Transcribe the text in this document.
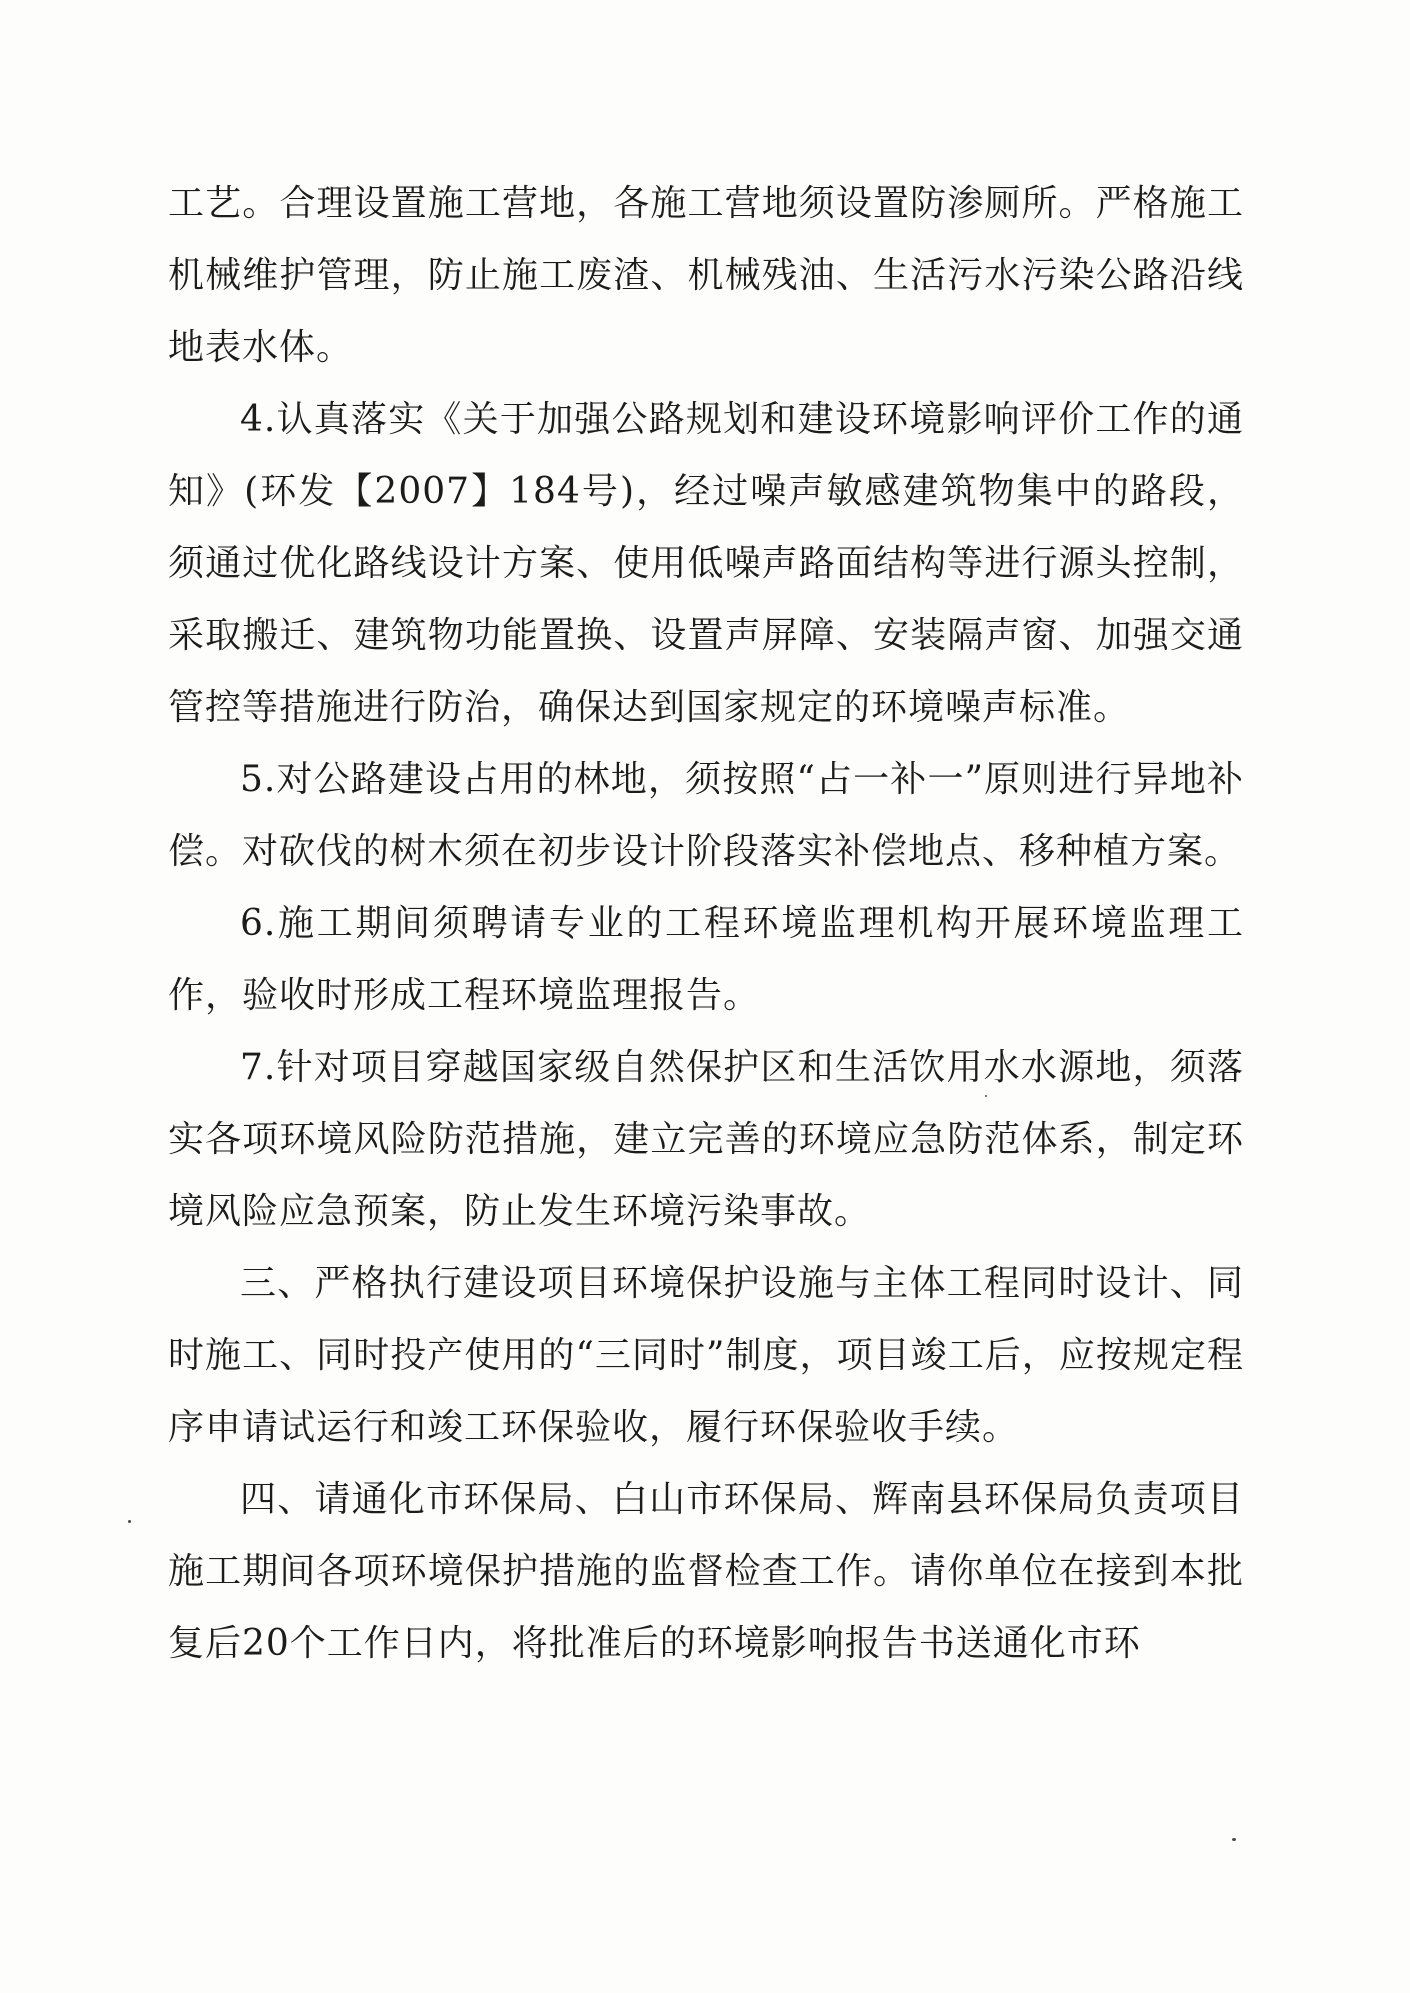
工艺。合理设置施工营地，各施工营地须设置防渗厕所。严格施工机械维护管理，防止施工废渣、机械残油、生活污水污染公路沿线地表水体。

4.认真落实《关于加强公路规划和建设环境影响评价工作的通知》(环发【2007】184号)，经过噪声敏感建筑物集中的路段，须通过优化路线设计方案、使用低噪声路面结构等进行源头控制，采取搬迁、建筑物功能置换、设置声屏障、安装隔声窗、加强交通管控等措施进行防治，确保达到国家规定的环境噪声标准。

5.对公路建设占用的林地，须按照“占一补一”原则进行异地补偿。对砍伐的树木须在初步设计阶段落实补偿地点、移种植方案。

6.施工期间须聘请专业的工程环境监理机构开展环境监理工作，验收时形成工程环境监理报告。

7.针对项目穿越国家级自然保护区和生活饮用水水源地，须落实各项环境风险防范措施，建立完善的环境应急防范体系，制定环境风险应急预案，防止发生环境污染事故。

三、严格执行建设项目环境保护设施与主体工程同时设计、同时施工、同时投产使用的“三同时”制度，项目竣工后，应按规定程序申请试运行和竣工环保验收，履行环保验收手续。

四、请通化市环保局、白山市环保局、辉南县环保局负责项目施工期间各项环境保护措施的监督检查工作。请你单位在接到本批复后20个工作日内，将批准后的环境影响报告书送通化市环
